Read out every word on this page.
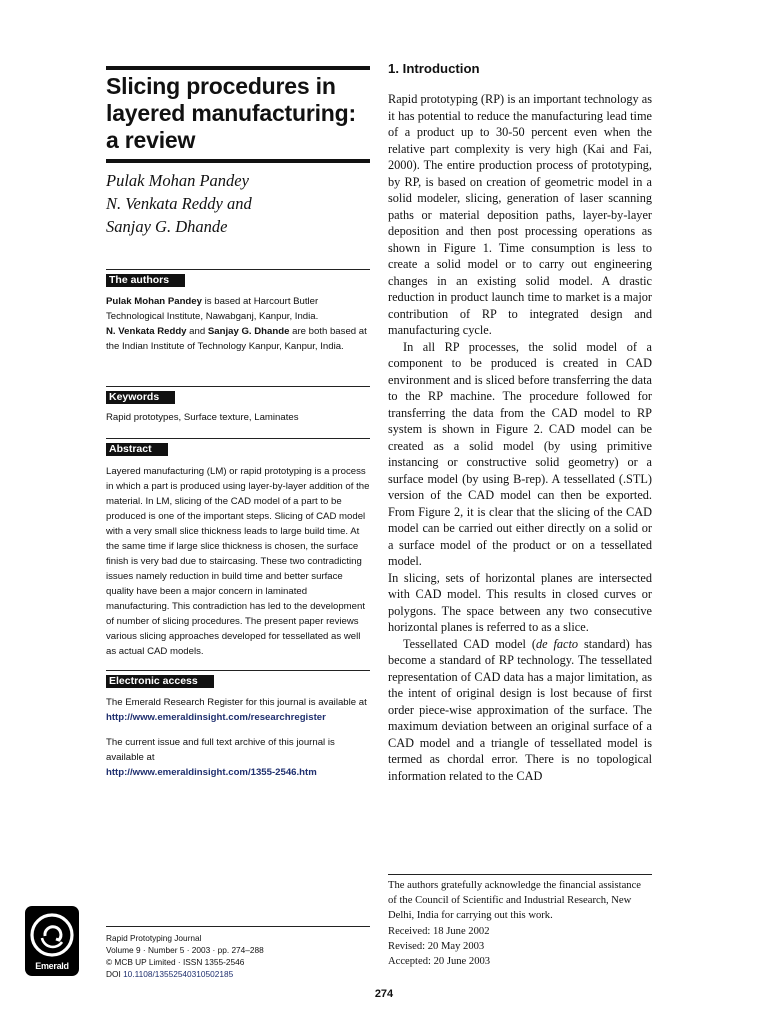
Slicing procedures in layered manufacturing: a review
Pulak Mohan Pandey
N. Venkata Reddy and
Sanjay G. Dhande
The authors
Pulak Mohan Pandey is based at Harcourt Butler Technological Institute, Nawabganj, Kanpur, India.
N. Venkata Reddy and Sanjay G. Dhande are both based at the Indian Institute of Technology Kanpur, Kanpur, India.
Keywords
Rapid prototypes, Surface texture, Laminates
Abstract
Layered manufacturing (LM) or rapid prototyping is a process in which a part is produced using layer-by-layer addition of the material. In LM, slicing of the CAD model of a part to be produced is one of the important steps. Slicing of CAD model with a very small slice thickness leads to large build time. At the same time if large slice thickness is chosen, the surface finish is very bad due to staircasing. These two contradicting issues namely reduction in build time and better surface quality have been a major concern in laminated manufacturing. This contradiction has led to the development of number of slicing procedures. The present paper reviews various slicing approaches developed for tessellated as well as actual CAD models.
Electronic access
The Emerald Research Register for this journal is available at
http://www.emeraldinsight.com/researchregister
The current issue and full text archive of this journal is available at
http://www.emeraldinsight.com/1355-2546.htm
Emerald
Rapid Prototyping Journal
Volume 9 · Number 5 · 2003 · pp. 274–288
© MCB UP Limited · ISSN 1355-2546
DOI 10.1108/13552540310502185
1. Introduction

Rapid prototyping (RP) is an important technology as it has potential to reduce the manufacturing lead time of a product up to 30-50 percent even when the relative part complexity is very high (Kai and Fai, 2000). The entire production process of prototyping, by RP, is based on creation of geometric model in a solid modeler, slicing, generation of laser scanning paths or material deposition paths, layer-by-layer deposition and then post processing operations as shown in Figure 1. Time consumption is less to create a solid model or to carry out engineering changes in an existing solid model. A drastic reduction in product launch time to market is a major contribution of RP to integrated design and manufacturing cycle.

In all RP processes, the solid model of a component to be produced is created in CAD environment and is sliced before transferring the data to the RP machine. The procedure followed for transferring the data from the CAD model to RP system is shown in Figure 2. CAD model can be created as a solid model (by using primitive instancing or constructive solid geometry) or a surface model (by using B-rep). A tessellated (.STL) version of the CAD model can then be exported. From Figure 2, it is clear that the slicing of the CAD model can be carried out either directly on a solid or a surface model of the product or on a tessellated model.

In slicing, sets of horizontal planes are intersected with CAD model. This results in closed curves or polygons. The space between any two consecutive horizontal planes is referred to as a slice.

Tessellated CAD model (de facto standard) has become a standard of RP technology. The tessellated representation of CAD data has a major limitation, as the intent of original design is lost because of first order piece-wise approximation of the surface. The maximum deviation between an original surface of a CAD model and a triangle of tessellated model is termed as chordal error. There is no topological information related to the CAD

The authors gratefully acknowledge the financial assistance of the Council of Scientific and Industrial Research, New Delhi, India for carrying out this work.
Received: 18 June 2002
Revised: 20 May 2003
Accepted: 20 June 2003
274
